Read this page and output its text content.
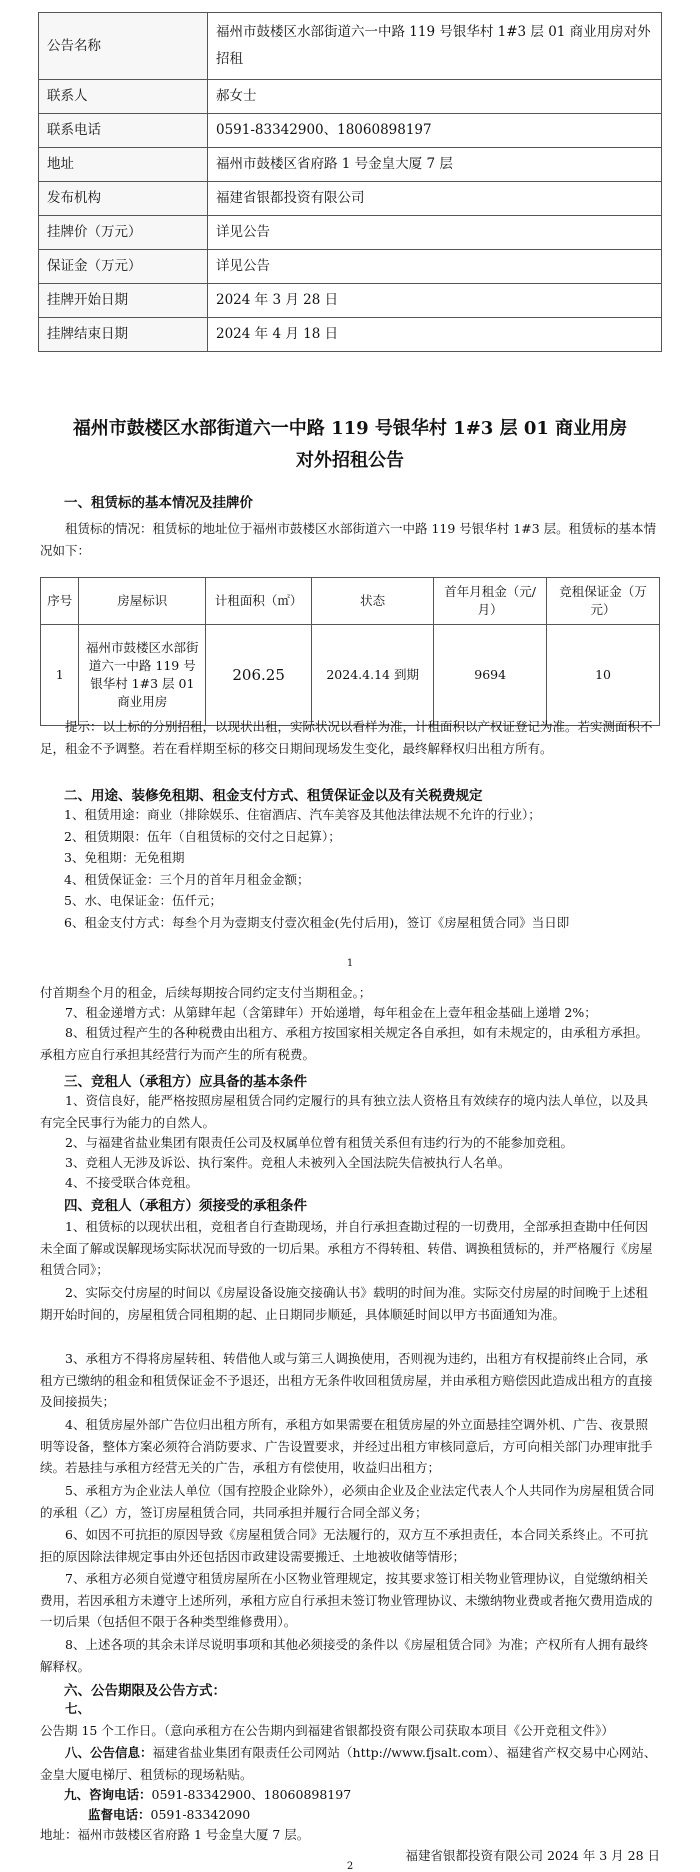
公告名称	福州市鼓楼区水部街道六一中路 119 号银华村 1#3 层 01 商业用房对外招租
联系人	郝女士
联系电话	0591-83342900、18060898197
地址	福州市鼓楼区省府路 1 号金皇大厦 7 层
发布机构	福建省银都投资有限公司
挂牌价（万元）	详见公告
保证金（万元）	详见公告
挂牌开始日期	2024 年 3 月 28 日
挂牌结束日期	2024 年 4 月 18 日
福州市鼓楼区水部街道六一中路 119 号银华村 1#3 层 01 商业用房
对外招租公告
一、租赁标的基本情况及挂牌价
租赁标的情况：租赁标的地址位于福州市鼓楼区水部街道六一中路 119 号银华村 1#3 层。租赁标的基本情况如下：
序号	房屋标识	计租面积（㎡）	状态	首年月租金（元/月）	竞租保证金（万元）
1	福州市鼓楼区水部街道六一中路 119 号银华村 1#3 层 01 商业用房	206.25	2024.4.14 到期	9694	10
提示：以上标的分别招租，以现状出租，实际状况以看样为准，计租面积以产权证登记为准。若实测面积不足，租金不予调整。若在看样期至标的移交日期间现场发生变化，最终解释权归出租方所有。
二、用途、装修免租期、租金支付方式、租赁保证金以及有关税费规定
1、租赁用途：商业（排除娱乐、住宿酒店、汽车美容及其他法律法规不允许的行业）；
2、租赁期限：伍年（自租赁标的交付之日起算）；
3、免租期：无免租期
4、租赁保证金：三个月的首年月租金金额；
5、水、电保证金：伍仟元；
6、租金支付方式：每叁个月为壹期支付壹次租金(先付后用)，签订《房屋租赁合同》当日即
1
付首期叁个月的租金，后续每期按合同约定支付当期租金。；
7、租金递增方式：从第肆年起（含第肆年）开始递增，每年租金在上壹年租金基础上递增 2%；
8、租赁过程产生的各种税费由出租方、承租方按国家相关规定各自承担，如有未规定的，由承租方承担。承租方应自行承担其经营行为而产生的所有税费。
三、竞租人（承租方）应具备的基本条件
1、资信良好，能严格按照房屋租赁合同约定履行的具有独立法人资格且有效续存的境内法人单位，以及具有完全民事行为能力的自然人。
2、与福建省盐业集团有限责任公司及权属单位曾有租赁关系但有违约行为的不能参加竞租。
3、竞租人无涉及诉讼、执行案件。竞租人未被列入全国法院失信被执行人名单。
4、不接受联合体竞租。
四、竞租人（承租方）须接受的承租条件
1、租赁标的以现状出租，竞租者自行查勘现场，并自行承担查勘过程的一切费用，全部承担查勘中任何因未全面了解或误解现场实际状况而导致的一切后果。承租方不得转租、转借、调换租赁标的，并严格履行《房屋租赁合同》；
2、实际交付房屋的时间以《房屋设备设施交接确认书》载明的时间为准。实际交付房屋的时间晚于上述租期开始时间的，房屋租赁合同租期的起、止日期同步顺延，具体顺延时间以甲方书面通知为准。
3、承租方不得将房屋转租、转借他人或与第三人调换使用，否则视为违约，出租方有权提前终止合同，承租方已缴纳的租金和租赁保证金不予退还，出租方无条件收回租赁房屋，并由承租方赔偿因此造成出租方的直接及间接损失；
4、租赁房屋外部广告位归出租方所有，承租方如果需要在租赁房屋的外立面悬挂空调外机、广告、夜景照明等设备，整体方案必须符合消防要求、广告设置要求，并经过出租方审核同意后，方可向相关部门办理审批手续。若悬挂与承租方经营无关的广告，承租方有偿使用，收益归出租方；
5、承租方为企业法人单位（国有控股企业除外），必须由企业及企业法定代表人个人共同作为房屋租赁合同的承租（乙）方，签订房屋租赁合同，共同承担并履行合同全部义务；
6、如因不可抗拒的原因导致《房屋租赁合同》无法履行的，双方互不承担责任，本合同关系终止。不可抗拒的原因除法律规定事由外还包括因市政建设需要搬迁、土地被收储等情形；
7、承租方必须自觉遵守租赁房屋所在小区物业管理规定，按其要求签订相关物业管理协议，自觉缴纳相关费用，若因承租方未遵守上述所列，承租方应自行承担未签订物业管理协议、未缴纳物业费或者拖欠费用造成的一切后果（包括但不限于各种类型维修费用）。
8、上述各项的其余未详尽说明事项和其他必须接受的条件以《房屋租赁合同》为准；产权所有人拥有最终解释权。
六、公告期限及公告方式：
七、公告期 15 个工作日。（意向承租方在公告期内到福建省银都投资有限公司获取本项目《公开竞租文件》）
八、公告信息：福建省盐业集团有限责任公司网站（http://www.fjsalt.com）、福建省产权交易中心网站、金皇大厦电梯厅、租赁标的现场粘贴。
九、咨询电话：0591-83342900、18060898197
监督电话：0591-83342090
地址：福州市鼓楼区省府路 1 号金皇大厦 7 层。
福建省银都投资有限公司 2024 年 3 月 28 日
2
